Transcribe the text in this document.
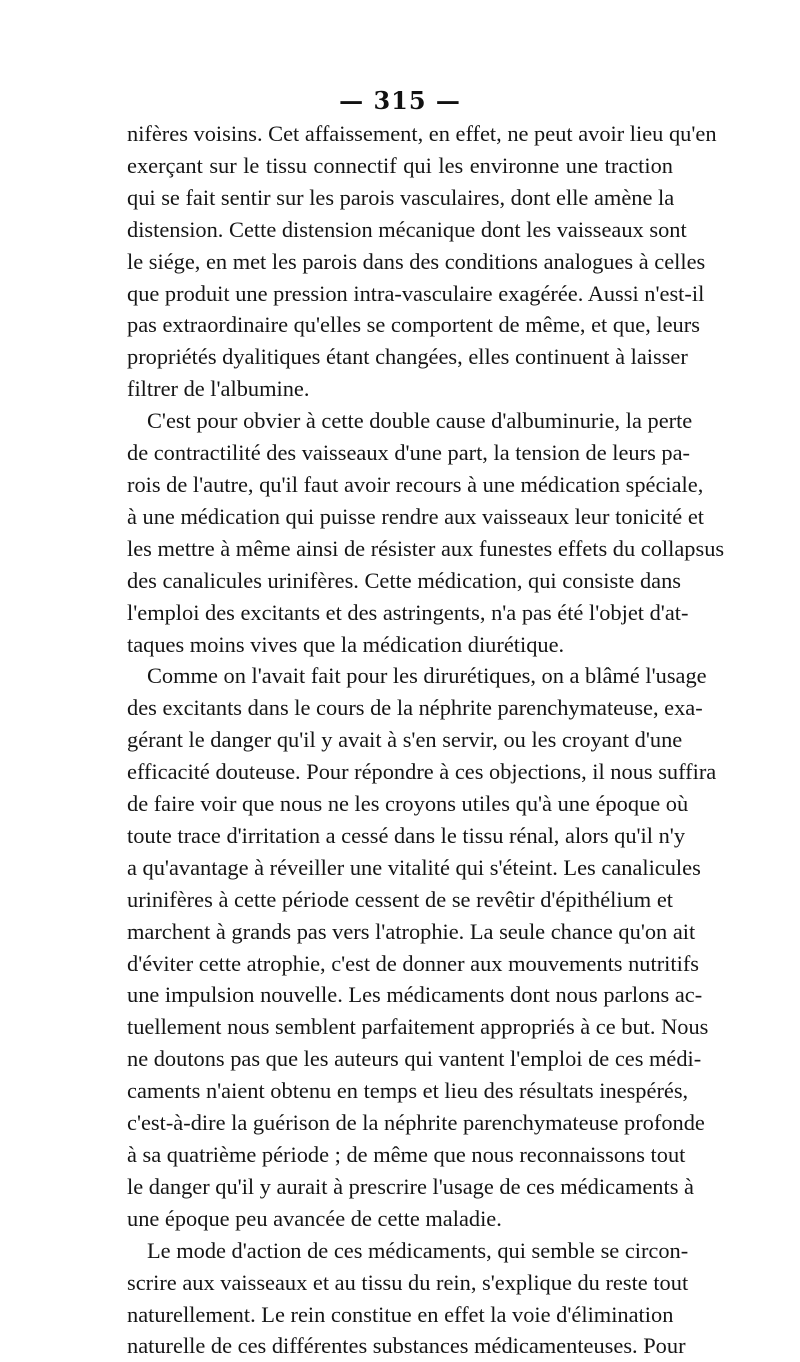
— 315 —

nifères voisins. Cet affaissement, en effet, ne peut avoir lieu qu'en
exerçant sur le tissu connectif qui les environne une traction
qui se fait sentir sur les parois vasculaires, dont elle amène la
distension. Cette distension mécanique dont les vaisseaux sont
le siége, en met les parois dans des conditions analogues à celles
que produit une pression intra-vasculaire exagérée. Aussi n'est-il
pas extraordinaire qu'elles se comportent de même, et que, leurs
propriétés dyalitiques étant changées, elles continuent à laisser
filtrer de l'albumine.

C'est pour obvier à cette double cause d'albuminurie, la perte
de contractilité des vaisseaux d'une part, la tension de leurs pa-
rois de l'autre, qu'il faut avoir recours à une médication spéciale,
à une médication qui puisse rendre aux vaisseaux leur tonicité et
les mettre à même ainsi de résister aux funestes effets du collapsus
des canalicules urinifères. Cette médication, qui consiste dans
l'emploi des excitants et des astringents, n'a pas été l'objet d'at-
taques moins vives que la médication diurétique.

Comme on l'avait fait pour les dirurétiques, on a blâmé l'usage
des excitants dans le cours de la néphrite parenchymateuse, exa-
gérant le danger qu'il y avait à s'en servir, ou les croyant d'une
efficacité douteuse. Pour répondre à ces objections, il nous suffira
de faire voir que nous ne les croyons utiles qu'à une époque où
toute trace d'irritation a cessé dans le tissu rénal, alors qu'il n'y
a qu'avantage à réveiller une vitalité qui s'éteint. Les canalicules
urinifères à cette période cessent de se revêtir d'épithélium et
marchent à grands pas vers l'atrophie. La seule chance qu'on ait
d'éviter cette atrophie, c'est de donner aux mouvements nutritifs
une impulsion nouvelle. Les médicaments dont nous parlons ac-
tuellement nous semblent parfaitement appropriés à ce but. Nous
ne doutons pas que les auteurs qui vantent l'emploi de ces médi-
caments n'aient obtenu en temps et lieu des résultats inespérés,
c'est-à-dire la guérison de la néphrite parenchymateuse profonde
à sa quatrième période ; de même que nous reconnaissons tout
le danger qu'il y aurait à prescrire l'usage de ces médicaments à
une époque peu avancée de cette maladie.

Le mode d'action de ces médicaments, qui semble se circon-
scrire aux vaisseaux et au tissu du rein, s'explique du reste tout
naturellement. Le rein constitue en effet la voie d'élimination
naturelle de ces différentes substances médicamenteuses. Pour
